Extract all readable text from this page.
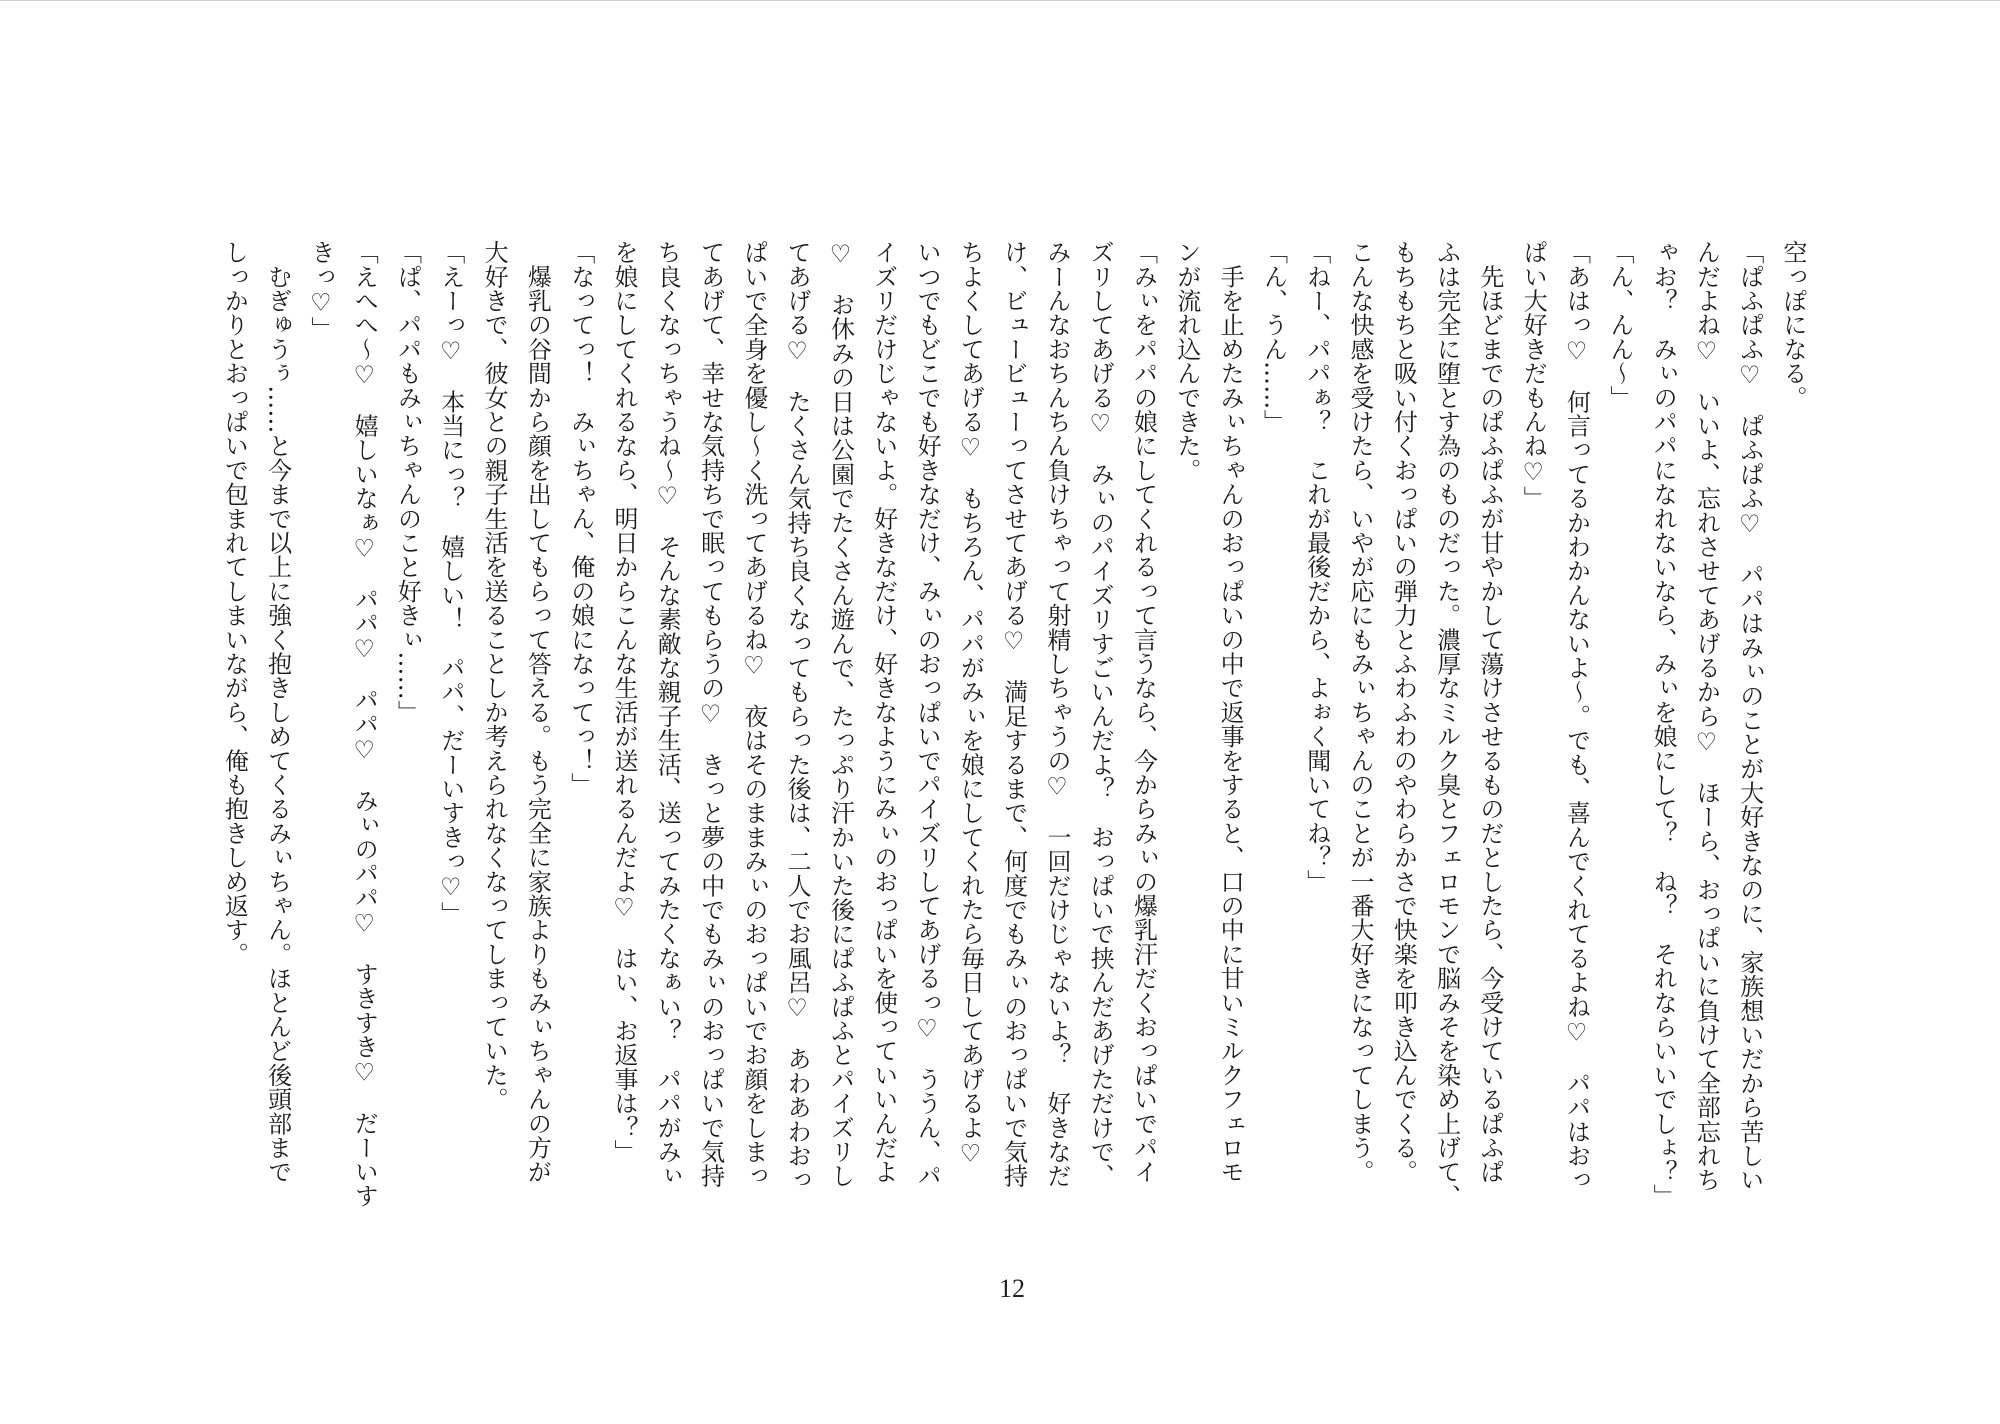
空っぽになる。
「ぱふぱふ♡　ぱふぱふ♡　パパはみぃのことが大好きなのに、家族想いだから苦しい
んだよね♡　いいよ、忘れさせてあげるから♡　ほーら、おっぱいに負けて全部忘れち
ゃお？　みぃのパパになれないなら、みぃを娘にして？　ね？　それならいいでしょ？」
「ん、んん～」
「あはっ♡　何言ってるかわかんないよ～。でも、喜んでくれてるよね♡　パパはおっ
ぱい大好きだもんね♡」
　先ほどまでのぱふぱふが甘やかして蕩けさせるものだとしたら、今受けているぱふぱ
ふは完全に堕とす為のものだった。濃厚なミルク臭とフェロモンで脳みそを染め上げて、
もちもちと吸い付くおっぱいの弾力とふわふわのやわらかさで快楽を叩き込んでくる。
こんな快感を受けたら、いやが応にもみぃちゃんのことが一番大好きになってしまう。
「ねー、パパぁ？　これが最後だから、よぉく聞いてね？」
「ん、うん……」
　手を止めたみぃちゃんのおっぱいの中で返事をすると、口の中に甘いミルクフェロモ
ンが流れ込んできた。
「みぃをパパの娘にしてくれるって言うなら、今からみぃの爆乳汗だくおっぱいでパイ
ズリしてあげる♡　みぃのパイズリすごいんだよ？　おっぱいで挟んだあげただけで、
みーんなおちんちん負けちゃって射精しちゃうの♡　一回だけじゃないよ？　好きなだ
け、ビュービューってさせてあげる♡　満足するまで、何度でもみぃのおっぱいで気持
ちよくしてあげる♡　もちろん、パパがみぃを娘にしてくれたら毎日してあげるよ♡
いつでもどこでも好きなだけ、みぃのおっぱいでパイズリしてあげるっ♡　ううん、パ
イズリだけじゃないよ。好きなだけ、好きなようにみぃのおっぱいを使っていいんだよ
♡　お休みの日は公園でたくさん遊んで、たっぷり汗かいた後にぱふぱふとパイズリし
てあげる♡　たくさん気持ち良くなってもらった後は、二人でお風呂♡　あわあわおっ
ぱいで全身を優し～く洗ってあげるね♡　夜はそのままみぃのおっぱいでお顔をしまっ
てあげて、幸せな気持ちで眠ってもらうの♡　きっと夢の中でもみぃのおっぱいで気持
ち良くなっちゃうね～♡　そんな素敵な親子生活、送ってみたくなぁい？　パパがみぃ
を娘にしてくれるなら、明日からこんな生活が送れるんだよ♡　はい、お返事は？」
「なってっ！　みぃちゃん、俺の娘になってっ！」
　爆乳の谷間から顔を出してもらって答える。もう完全に家族よりもみぃちゃんの方が
大好きで、彼女との親子生活を送ることしか考えられなくなってしまっていた。
「えーっ♡　本当にっ？　嬉しい！　パパ、だーいすきっ♡」
「ぱ、パパもみぃちゃんのこと好きぃ……」
「えへへ～♡　嬉しいなぁ♡　パパ♡　パパ♡　みぃのパパ♡　すきすき♡　だーいす
きっ♡」
　むぎゅうぅ……と今まで以上に強く抱きしめてくるみぃちゃん。ほとんど後頭部まで
しっかりとおっぱいで包まれてしまいながら、俺も抱きしめ返す。
12
